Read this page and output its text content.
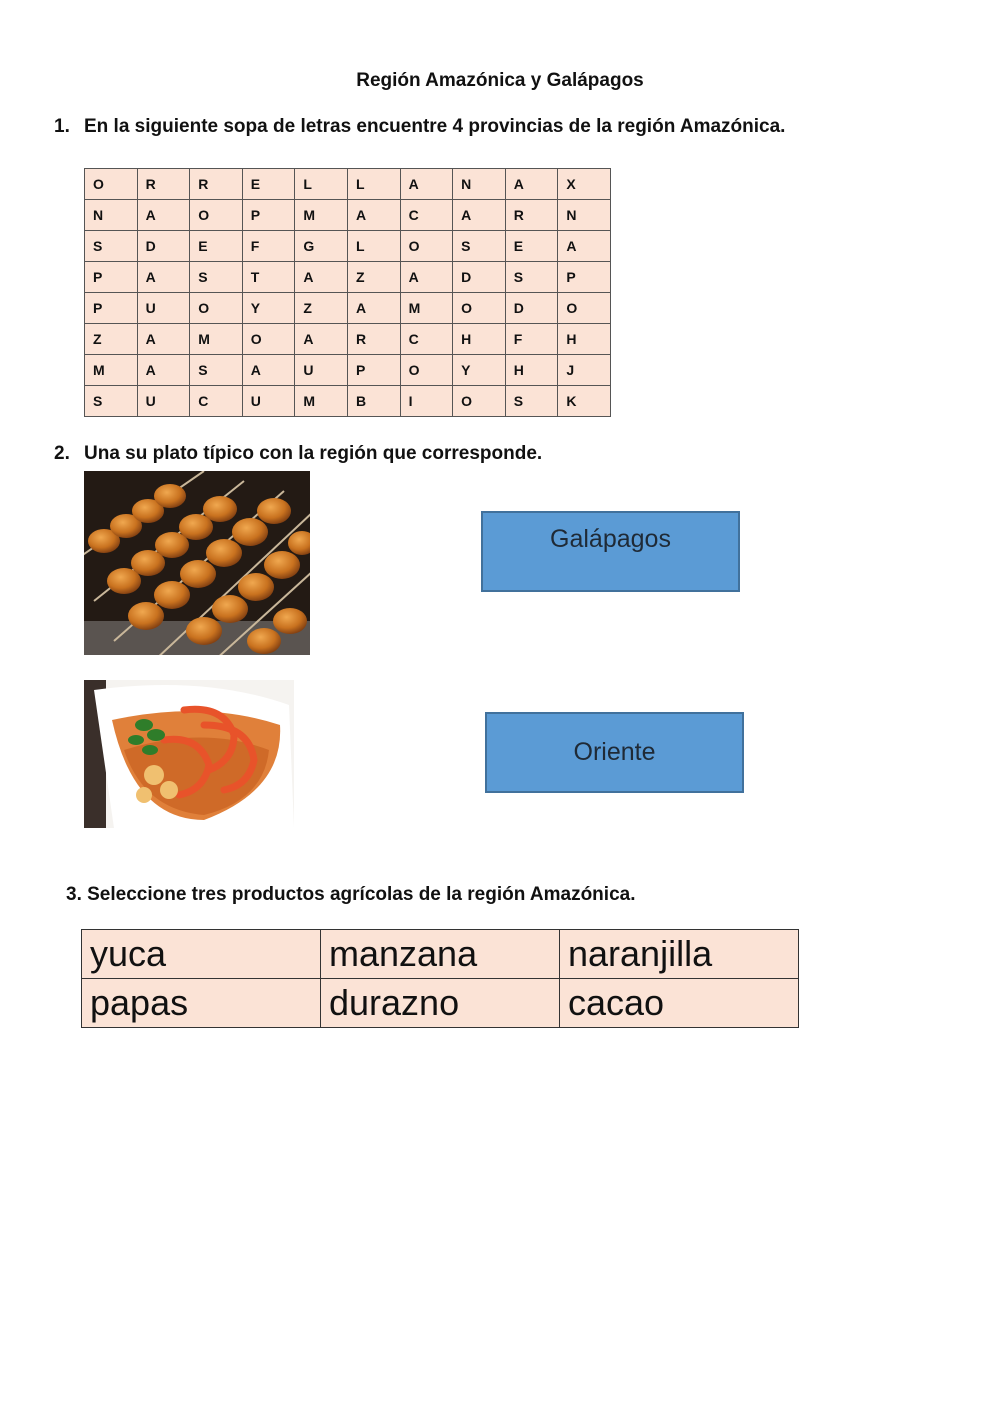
Región Amazónica y Galápagos
1. En la siguiente sopa de letras encuentre 4 provincias de la región Amazónica.
O	R	R	E	L	L	A	N	A	X
N	A	O	P	M	A	C	A	R	N
S	D	E	F	G	L	O	S	E	A
P	A	S	T	A	Z	A	D	S	P
P	U	O	Y	Z	A	M	O	D	O
Z	A	M	O	A	R	C	H	F	H
M	A	S	A	U	P	O	Y	H	J
S	U	C	U	M	B	I	O	S	K
2. Una su plato típico con la región que corresponde.
Galápagos
Oriente
3. Seleccione tres productos agrícolas de la región Amazónica.
yuca	manzana	naranjilla
papas	durazno	cacao
